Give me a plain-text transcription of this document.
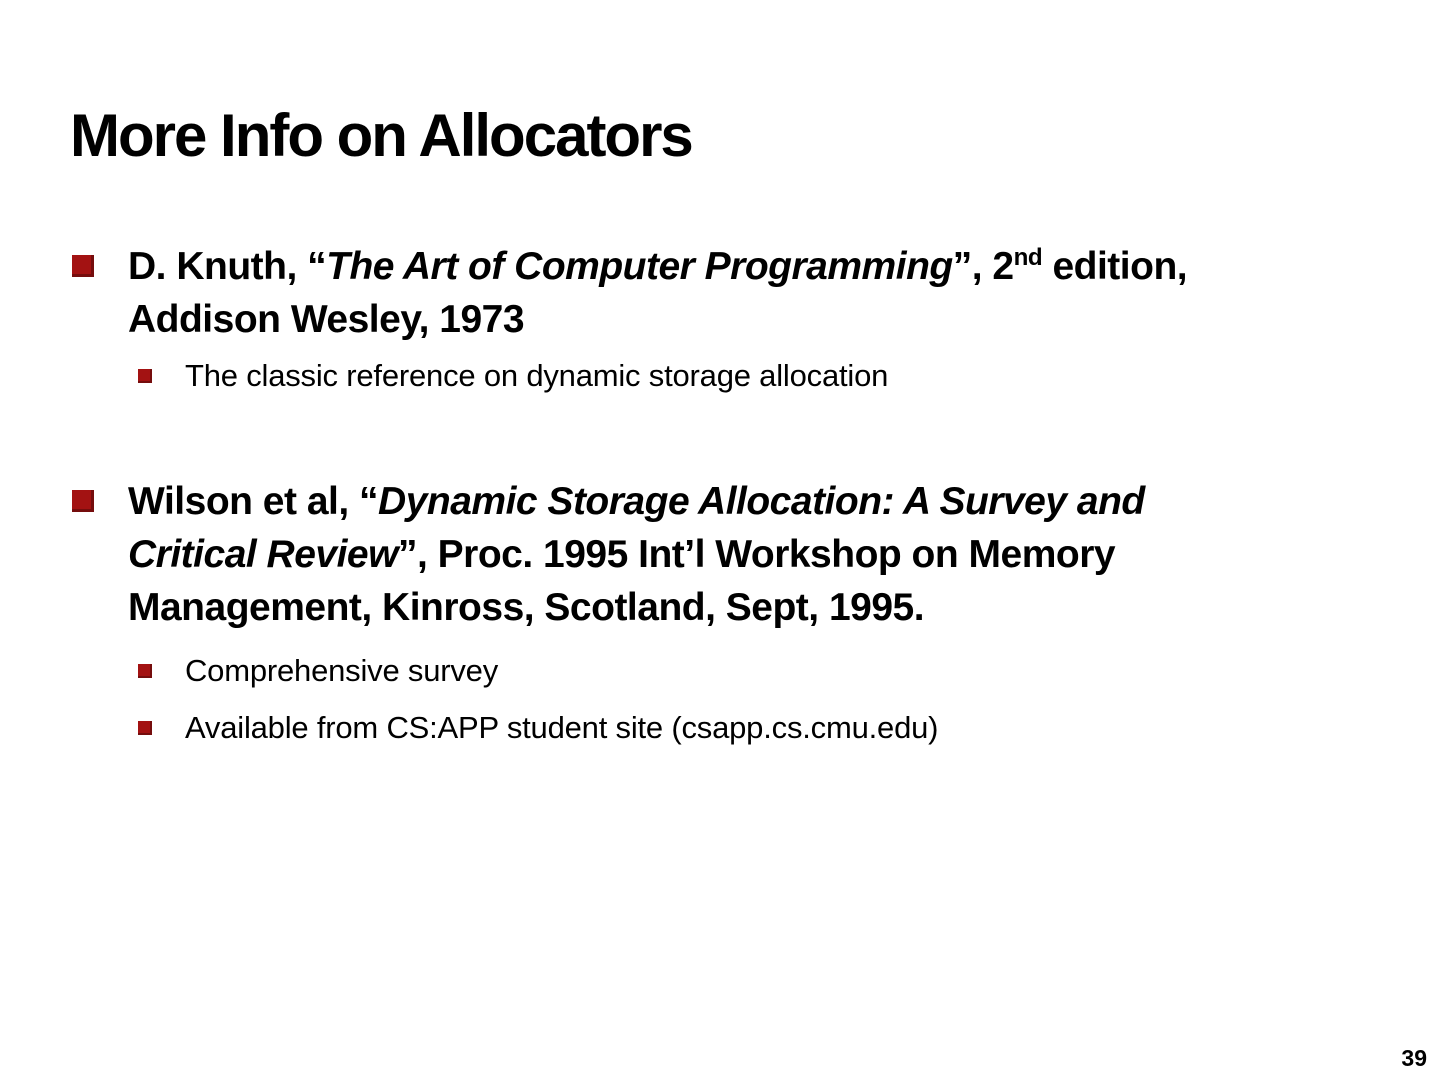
More Info on Allocators
D. Knuth, “The Art of Computer Programming”, 2nd edition,
Addison Wesley, 1973
The classic reference on dynamic storage allocation
Wilson et al, “Dynamic Storage Allocation: A Survey and
Critical Review”, Proc. 1995 Int’l Workshop on Memory
Management, Kinross, Scotland, Sept, 1995.
Comprehensive survey
Available from CS:APP student site (csapp.cs.cmu.edu)
39
